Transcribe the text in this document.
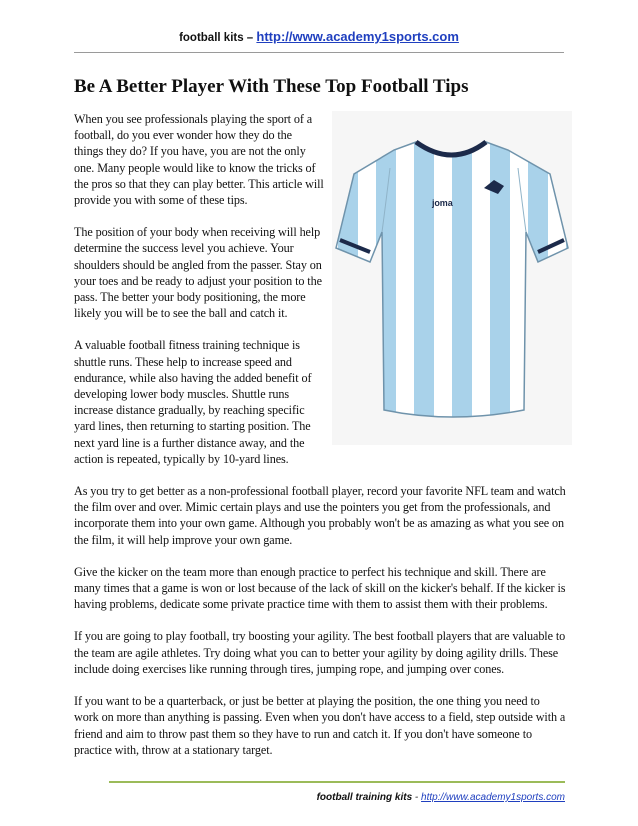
football kits – http://www.academy1sports.com
Be A Better Player With These Top Football Tips
joma

When you see professionals playing the sport of a football, do you ever wonder how they do the things they do? If you have, you are not the only one. Many people would like to know the tricks of the pros so that they can play better. This article will provide you with some of these tips.

The position of your body when receiving will help determine the success level you achieve. Your shoulders should be angled from the passer. Stay on your toes and be ready to adjust your position to the pass. The better your body positioning, the more likely you will be to see the ball and catch it.

A valuable football fitness training technique is shuttle runs. These help to increase speed and endurance, while also having the added benefit of developing lower body muscles. Shuttle runs increase distance gradually, by reaching specific yard lines, then returning to starting position. The next yard line is a further distance away, and the action is repeated, typically by 10-yard lines.

As you try to get better as a non-professional football player, record your favorite NFL team and watch the film over and over. Mimic certain plays and use the pointers you get from the professionals, and incorporate them into your own game. Although you probably won't be as amazing as what you see on the film, it will help improve your own game.

Give the kicker on the team more than enough practice to perfect his technique and skill. There are many times that a game is won or lost because of the lack of skill on the kicker's behalf. If the kicker is having problems, dedicate some private practice time with them to assist them with their problems.

If you are going to play football, try boosting your agility. The best football players that are valuable to the team are agile athletes. Try doing what you can to better your agility by doing agility drills. These include doing exercises like running through tires, jumping rope, and jumping over cones.

If you want to be a quarterback, or just be better at playing the position, the one thing you need to work on more than anything is passing. Even when you don't have access to a field, step outside with a friend and aim to throw past them so they have to run and catch it. If you don't have someone to practice with, throw at a stationary target.

football training kits - http://www.academy1sports.com
